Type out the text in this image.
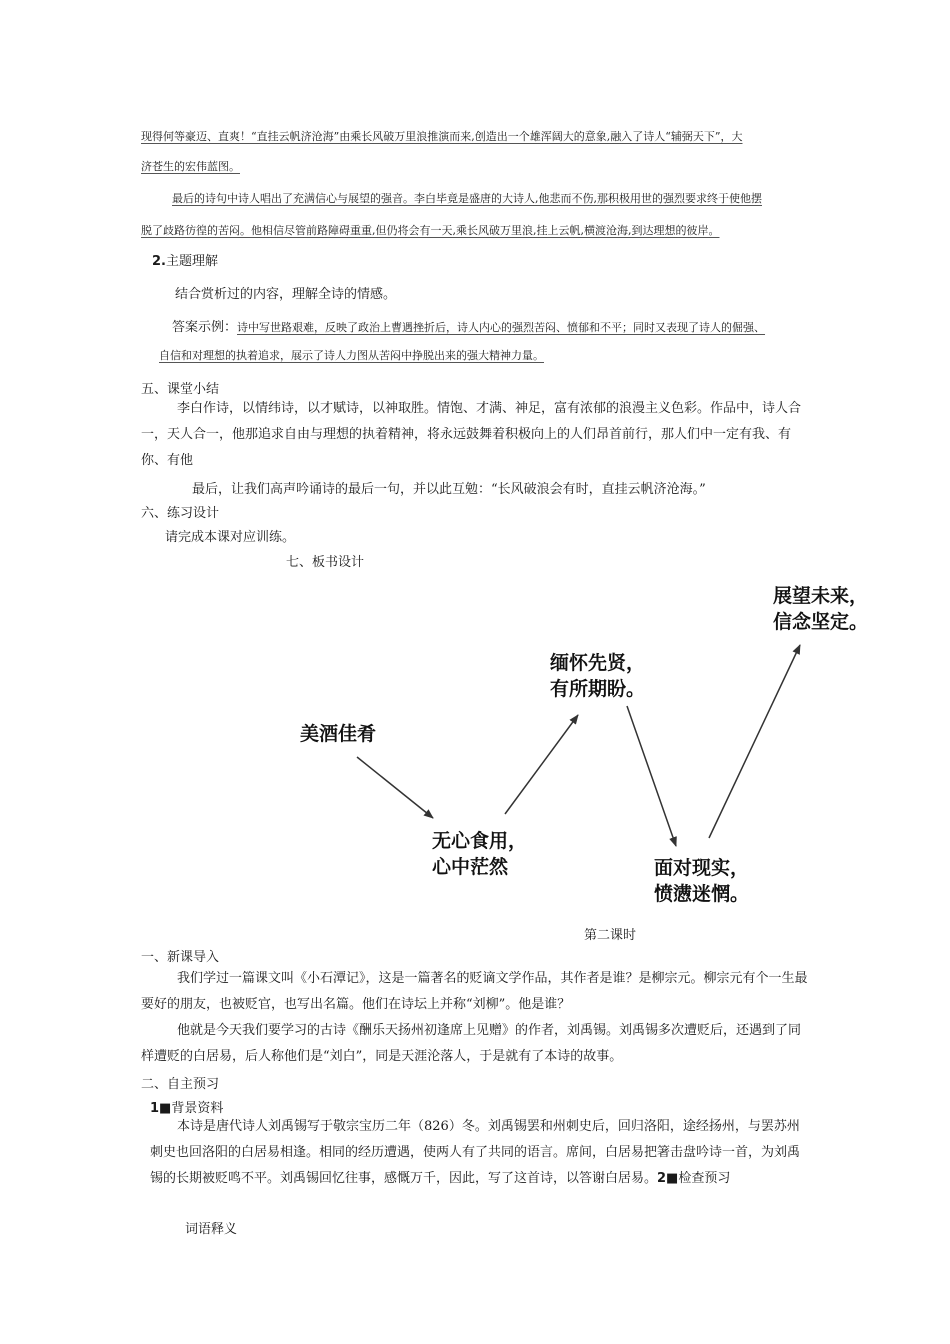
现得何等豪迈、直爽！“直挂云帆济沧海”由乘长风破万里浪推演而来,创造出一个雄浑阔大的意象,融入了诗人“辅弼天下”，大
济苍生的宏伟蓝图。
最后的诗句中诗人唱出了充满信心与展望的强音。李白毕竟是盛唐的大诗人,他悲而不伤,那积极用世的强烈要求终于使他摆
脱了歧路彷徨的苦闷。他相信尽管前路障碍重重,但仍将会有一天,乘长风破万里浪,挂上云帆,横渡沧海,到达理想的彼岸。
2.主题理解
结合赏析过的内容，理解全诗的情感。
答案示例：诗中写世路艰难，反映了政治上曹遇挫折后，诗人内心的强烈苦闷、愤郁和不平；同时又表现了诗人的倔强、
自信和对理想的执着追求，展示了诗人力图从苦闷中挣脱出来的强大精神力量。
五、课堂小结
李白作诗，以情纬诗，以才赋诗，以神取胜。情饱、才满、神足，富有浓郁的浪漫主义色彩。作品中，诗人合一，天人合一，他那追求自由与理想的执着精神，将永远鼓舞着积极向上的人们昂首前行，那人们中一定有我、有你、有他
最后，让我们高声吟诵诗的最后一句，并以此互勉：“长风破浪会有时，直挂云帆济沧海。”
六、练习设计
请完成本课对应训练。
七、板书设计
美酒佳肴
无心食用，
心中茫然
缅怀先贤，
有所期盼。
面对现实，
愤懑迷惘。
展望未来，
信念坚定。
第二课时
一、新课导入
我们学过一篇课文叫《小石潭记》，这是一篇著名的贬谪文学作品，其作者是谁？是柳宗元。柳宗元有个一生最要好的朋友，也被贬官，也写出名篇。他们在诗坛上并称“刘柳”。他是谁？
他就是今天我们要学习的古诗《酬乐天扬州初逢席上见赠》的作者，刘禹锡。刘禹锡多次遭贬后，还遇到了同样遭贬的白居易，后人称他们是“刘白”，同是天涯沦落人，于是就有了本诗的故事。
二、自主预习
1■背景资料
本诗是唐代诗人刘禹锡写于敬宗宝历二年（826）冬。刘禹锡罢和州刺史后，回归洛阳，途经扬州，与罢苏州刺史也回洛阳的白居易相逢。相同的经历遭遇，使两人有了共同的语言。席间，白居易把箸击盘吟诗一首，为刘禹锡的长期被贬鸣不平。刘禹锡回忆往事，感慨万千，因此，写了这首诗，以答谢白居易。2■检查预习
词语释义
